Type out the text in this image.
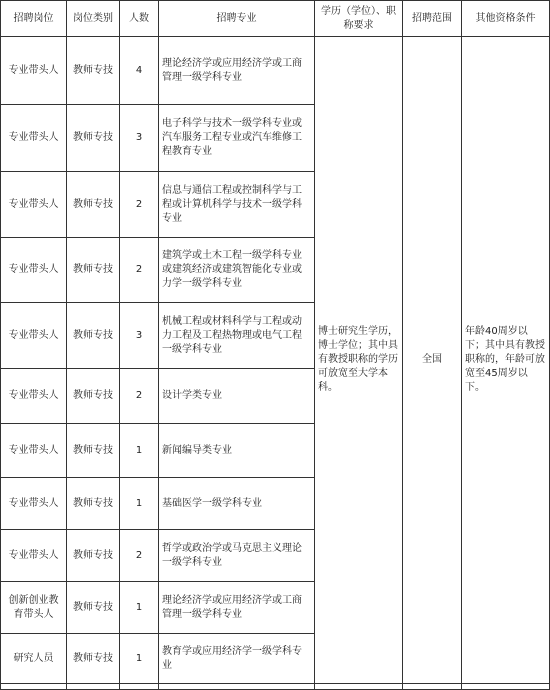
招聘岗位	岗位类别	人数	招聘专业	学历（学位）、职称要求	招聘范围	其他资格条件
专业带头人	教师专技	4	理论经济学或应用经济学或工商管理一级学科专业	博士研究生学历，博士学位；其中具有教授职称的学历可放宽至大学本科。	全国	年龄40周岁以下；其中具有教授职称的，年龄可放宽至45周岁以下。
专业带头人	教师专技	3	电子科学与技术一级学科专业或汽车服务工程专业或汽车维修工程教育专业			
专业带头人	教师专技	2	信息与通信工程或控制科学与工程或计算机科学与技术一级学科专业			
专业带头人	教师专技	2	建筑学或土木工程一级学科专业或建筑经济或建筑智能化专业或力学一级学科专业			
专业带头人	教师专技	3	机械工程或材料科学与工程或动力工程及工程热物理或电气工程一级学科专业			
专业带头人	教师专技	2	设计学类专业			
专业带头人	教师专技	1	新闻编导类专业			
专业带头人	教师专技	1	基础医学一级学科专业			
专业带头人	教师专技	2	哲学或政治学或马克思主义理论一级学科专业			
创新创业教育带头人	教师专技	1	理论经济学或应用经济学或工商管理一级学科专业			
研究人员	教师专技	1	教育学或应用经济学一级学科专业			
